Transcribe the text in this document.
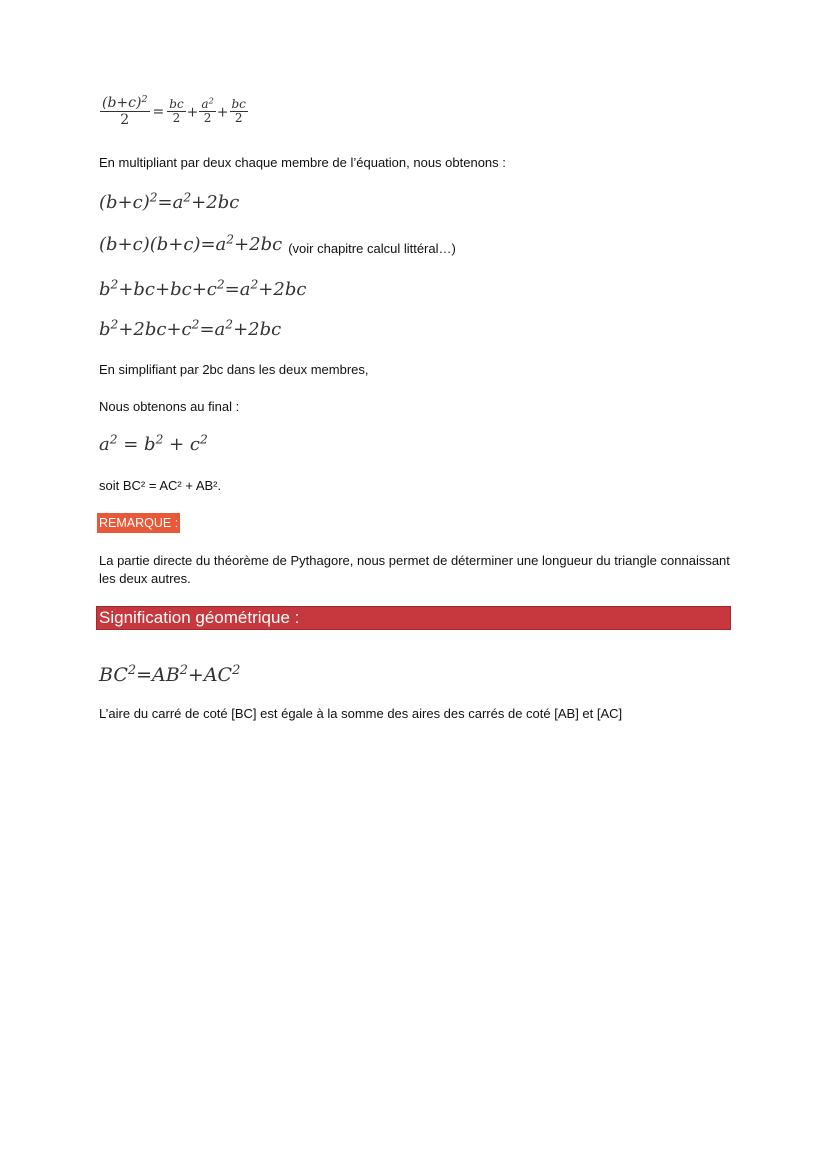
$\frac{(b+c)^2}{2} = \frac{bc}{2} + \frac{a^2}{2} + \frac{bc}{2}$
En multipliant par deux chaque membre de l’équation, nous obtenons :
$(b+c)^2=a^2+2bc$
$(b+c)(b+c)=a^2+2bc$ (voir chapitre calcul littéral…)
$b^2+bc+bc+c^2=a^2+2bc$
$b^2+2bc+c^2=a^2+2bc$
En simplifiant par 2bc dans les deux membres,
Nous obtenons au final :
$a^2 = b^2 + c^2$
soit BC² = AC² + AB².
REMARQUE :
La partie directe du théorème de Pythagore, nous permet de déterminer une longueur du triangle connaissant les deux autres.
Signification géométrique :
$BC^2=AB^2+AC^2$
L’aire du carré de coté [BC] est égale à la somme des aires des carrés de coté [AB] et [AC]
